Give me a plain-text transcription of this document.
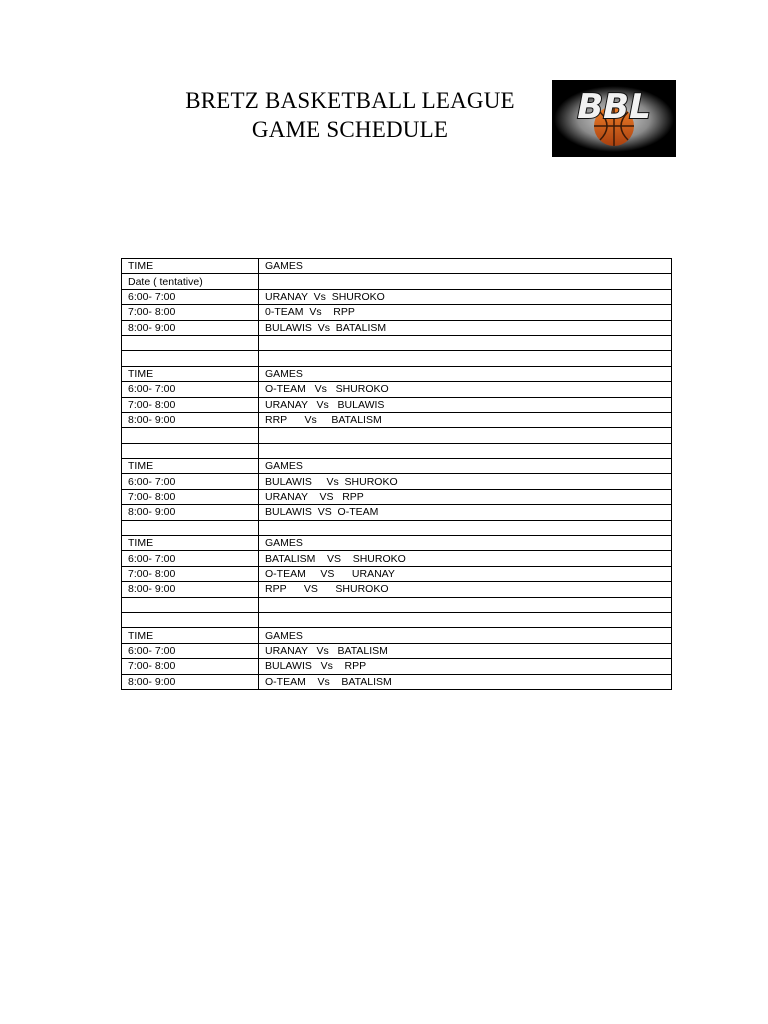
BRETZ BASKETBALL LEAGUE
GAME SCHEDULE
BBL
TIME	GAMES
Date ( tentative)	
6:00- 7:00	URANAY  Vs  SHUROKO
7:00- 8:00	0-TEAM  Vs    RPP
8:00- 9:00	BULAWIS  Vs  BATALISM

TIME	GAMES
6:00- 7:00	O-TEAM   Vs   SHUROKO
7:00- 8:00	URANAY   Vs   BULAWIS
8:00- 9:00	RRP      Vs     BATALISM

TIME	GAMES
6:00- 7:00	BULAWIS     Vs  SHUROKO
7:00- 8:00	URANAY    VS   RPP
8:00- 9:00	BULAWIS  VS  O-TEAM

TIME	GAMES
6:00- 7:00	BATALISM    VS    SHUROKO
7:00- 8:00	O-TEAM     VS      URANAY
8:00- 9:00	RPP      VS      SHUROKO

TIME	GAMES
6:00- 7:00	URANAY   Vs   BATALISM
7:00- 8:00	BULAWIS   Vs    RPP
8:00- 9:00	O-TEAM    Vs    BATALISM
